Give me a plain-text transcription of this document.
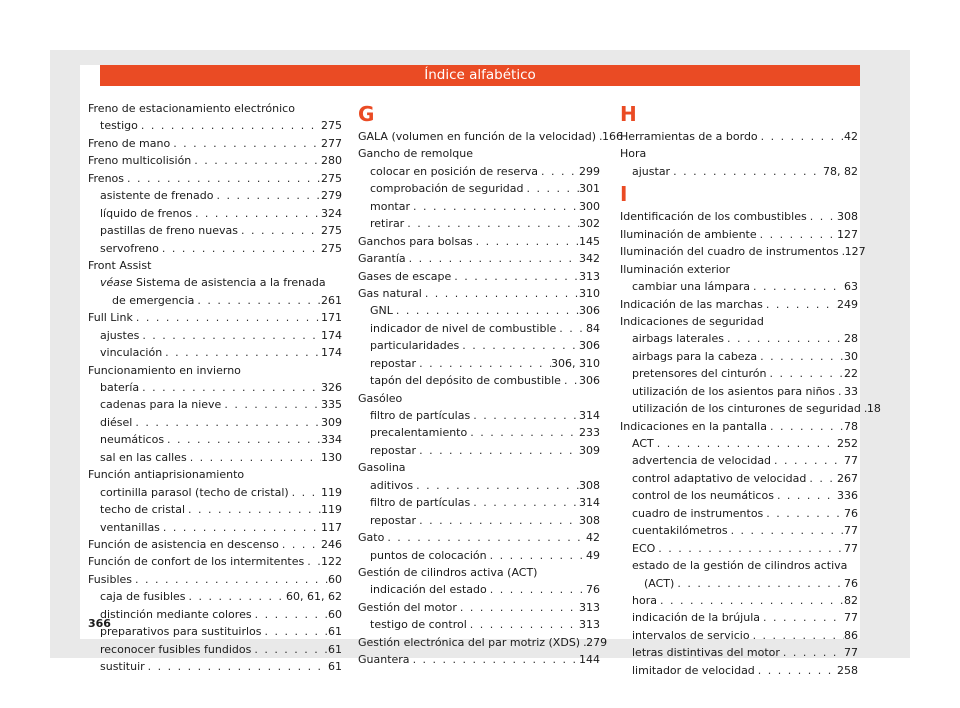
Índice alfabético
Freno de estacionamiento electrónico
testigo . . .	275
Freno de mano . . .	277
Freno multicolisión . . .	280
Frenos . . .	275
asistente de frenado . . .	279
líquido de frenos . . .	324
pastillas de freno nuevas . . .	275
servofreno . . .	275
Front Assist
véase Sistema de asistencia a la frenada
de emergencia . . .	261
Full Link . . .	171
ajustes . . .	174
vinculación . . .	174
Funcionamiento en invierno
batería . . .	326
cadenas para la nieve . . .	335
diésel . . .	309
neumáticos . . .	334
sal en las calles . . .	130
Función antiaprisionamiento
cortinilla parasol (techo de cristal) . . .	119
techo de cristal . . .	119
ventanillas . . .	117
Función de asistencia en descenso . . .	246
Función de confort de los intermitentes . . . 122
Fusibles . . .	60
caja de fusibles . . .	60, 61, 62
distinción mediante colores . . .	60
preparativos para sustituirlos . . .	61
reconocer fusibles fundidos . . .	61
sustituir . . .	61
G
GALA (volumen en función de la velocidad) . . . 166
Gancho de remolque
colocar en posición de reserva . . .	299
comprobación de seguridad . . .	301
montar . . .	300
retirar . . .	302
Ganchos para bolsas . . .	145
Garantía . . .	342
Gases de escape . . .	313
Gas natural . . .	310
GNL . . .	306
indicador de nivel de combustible . . .	84
particularidades . . .	306
repostar . . .	306, 310
tapón del depósito de combustible . . . 306
Gasóleo
filtro de partículas . . .	314
precalentamiento . . .	233
repostar . . .	309
Gasolina
aditivos . . .	308
filtro de partículas . . .	314
repostar . . .	308
Gato . . .	42
puntos de colocación . . .	49
Gestión de cilindros activa (ACT)
indicación del estado . . .	76
Gestión del motor . . .	313
testigo de control . . .	313
Gestión electrónica del par motriz (XDS) . . . 279
Guantera . . .	144
H
Herramientas de a bordo . . .	42
Hora
ajustar . . .	78, 82
I
Identificación de los combustibles . . .	308
Iluminación de ambiente . . .	127
Iluminación del cuadro de instrumentos . . . 127
Iluminación exterior
cambiar una lámpara . . .	63
Indicación de las marchas . . .	249
Indicaciones de seguridad
airbags laterales . . .	28
airbags para la cabeza . . .	30
pretensores del cinturón . . .	22
utilización de los asientos para niños . . . 33
utilización de los cinturones de seguridad . . . 18
Indicaciones en la pantalla . . .	78
ACT . . .	252
advertencia de velocidad . . .	77
control adaptativo de velocidad . . .	267
control de los neumáticos . . .	336
cuadro de instrumentos . . .	76
cuentakilómetros . . .	77
ECO . . .	77
estado de la gestión de cilindros activa
(ACT) . . .	76
hora . . .	82
indicación de la brújula . . .	77
intervalos de servicio . . .	86
letras distintivas del motor . . .	77
limitador de velocidad . . .	258
366
